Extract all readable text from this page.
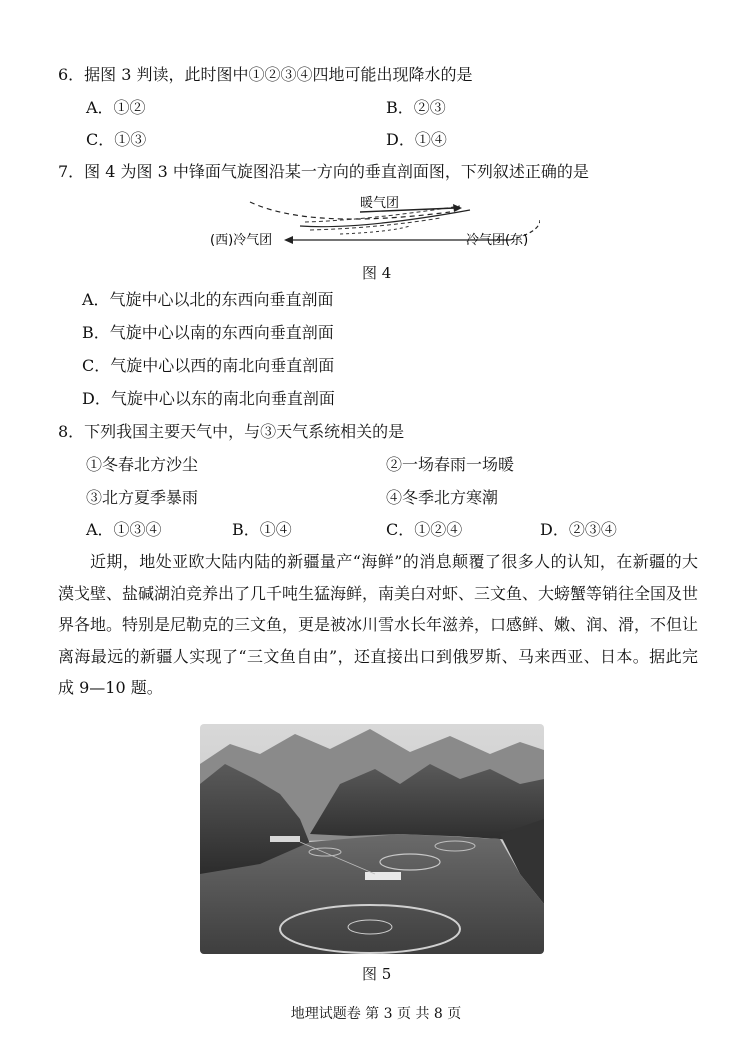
6．据图 3 判读，此时图中①②③④四地可能出现降水的是
A．①②	B．②③
C．①③	D．①④
7．图 4 为图 3 中锋面气旋图沿某一方向的垂直剖面图，下列叙述正确的是
暖气团
(西)冷气团	冷气团(东)
图 4
A．气旋中心以北的东西向垂直剖面
B．气旋中心以南的东西向垂直剖面
C．气旋中心以西的南北向垂直剖面
D．气旋中心以东的南北向垂直剖面
8．下列我国主要天气中，与③天气系统相关的是
①冬春北方沙尘	②一场春雨一场暖
③北方夏季暴雨	④冬季北方寒潮
A．①③④	B．①④	C．①②④	D．②③④
近期，地处亚欧大陆内陆的新疆量产“海鲜”的消息颠覆了很多人的认知，在新疆的大漠戈壁、盐碱湖泊竞养出了几千吨生猛海鲜，南美白对虾、三文鱼、大螃蟹等销往全国及世界各地。特别是尼勒克的三文鱼，更是被冰川雪水长年滋养，口感鲜、嫩、润、滑，不但让离海最远的新疆人实现了“三文鱼自由”，还直接出口到俄罗斯、马来西亚、日本。据此完成 9—10 题。
图 5
地理试题卷 第 3 页 共 8 页
